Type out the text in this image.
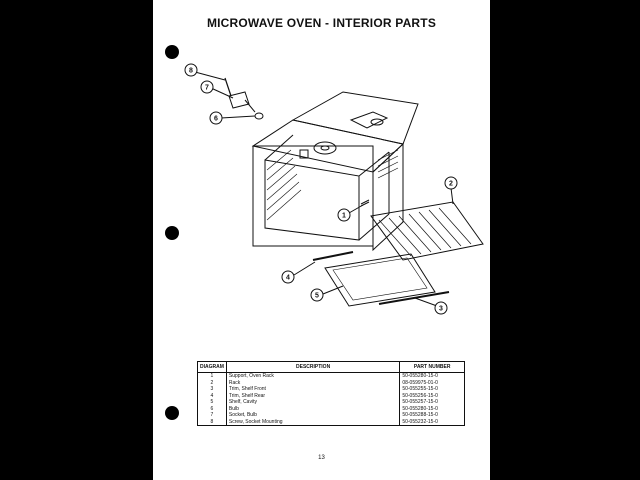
MICROWAVE OVEN - INTERIOR PARTS
8
7
6
1
2
4
5
3
DIAGRAM	DESCRIPTION	PART NUMBER
1	Support, Oven Rack	50-055280-15-0
2	Rack	08-059975-01-0
3	Trim, Shelf Front	50-055255-15-0
4	Trim, Shelf Rear	50-055256-15-0
5	Shelf, Cavity	50-055257-15-0
6	Bulb	50-055280-15-0
7	Socket, Bulb	50-055288-15-0
8	Screw, Socket Mounting	50-055232-15-0
13
